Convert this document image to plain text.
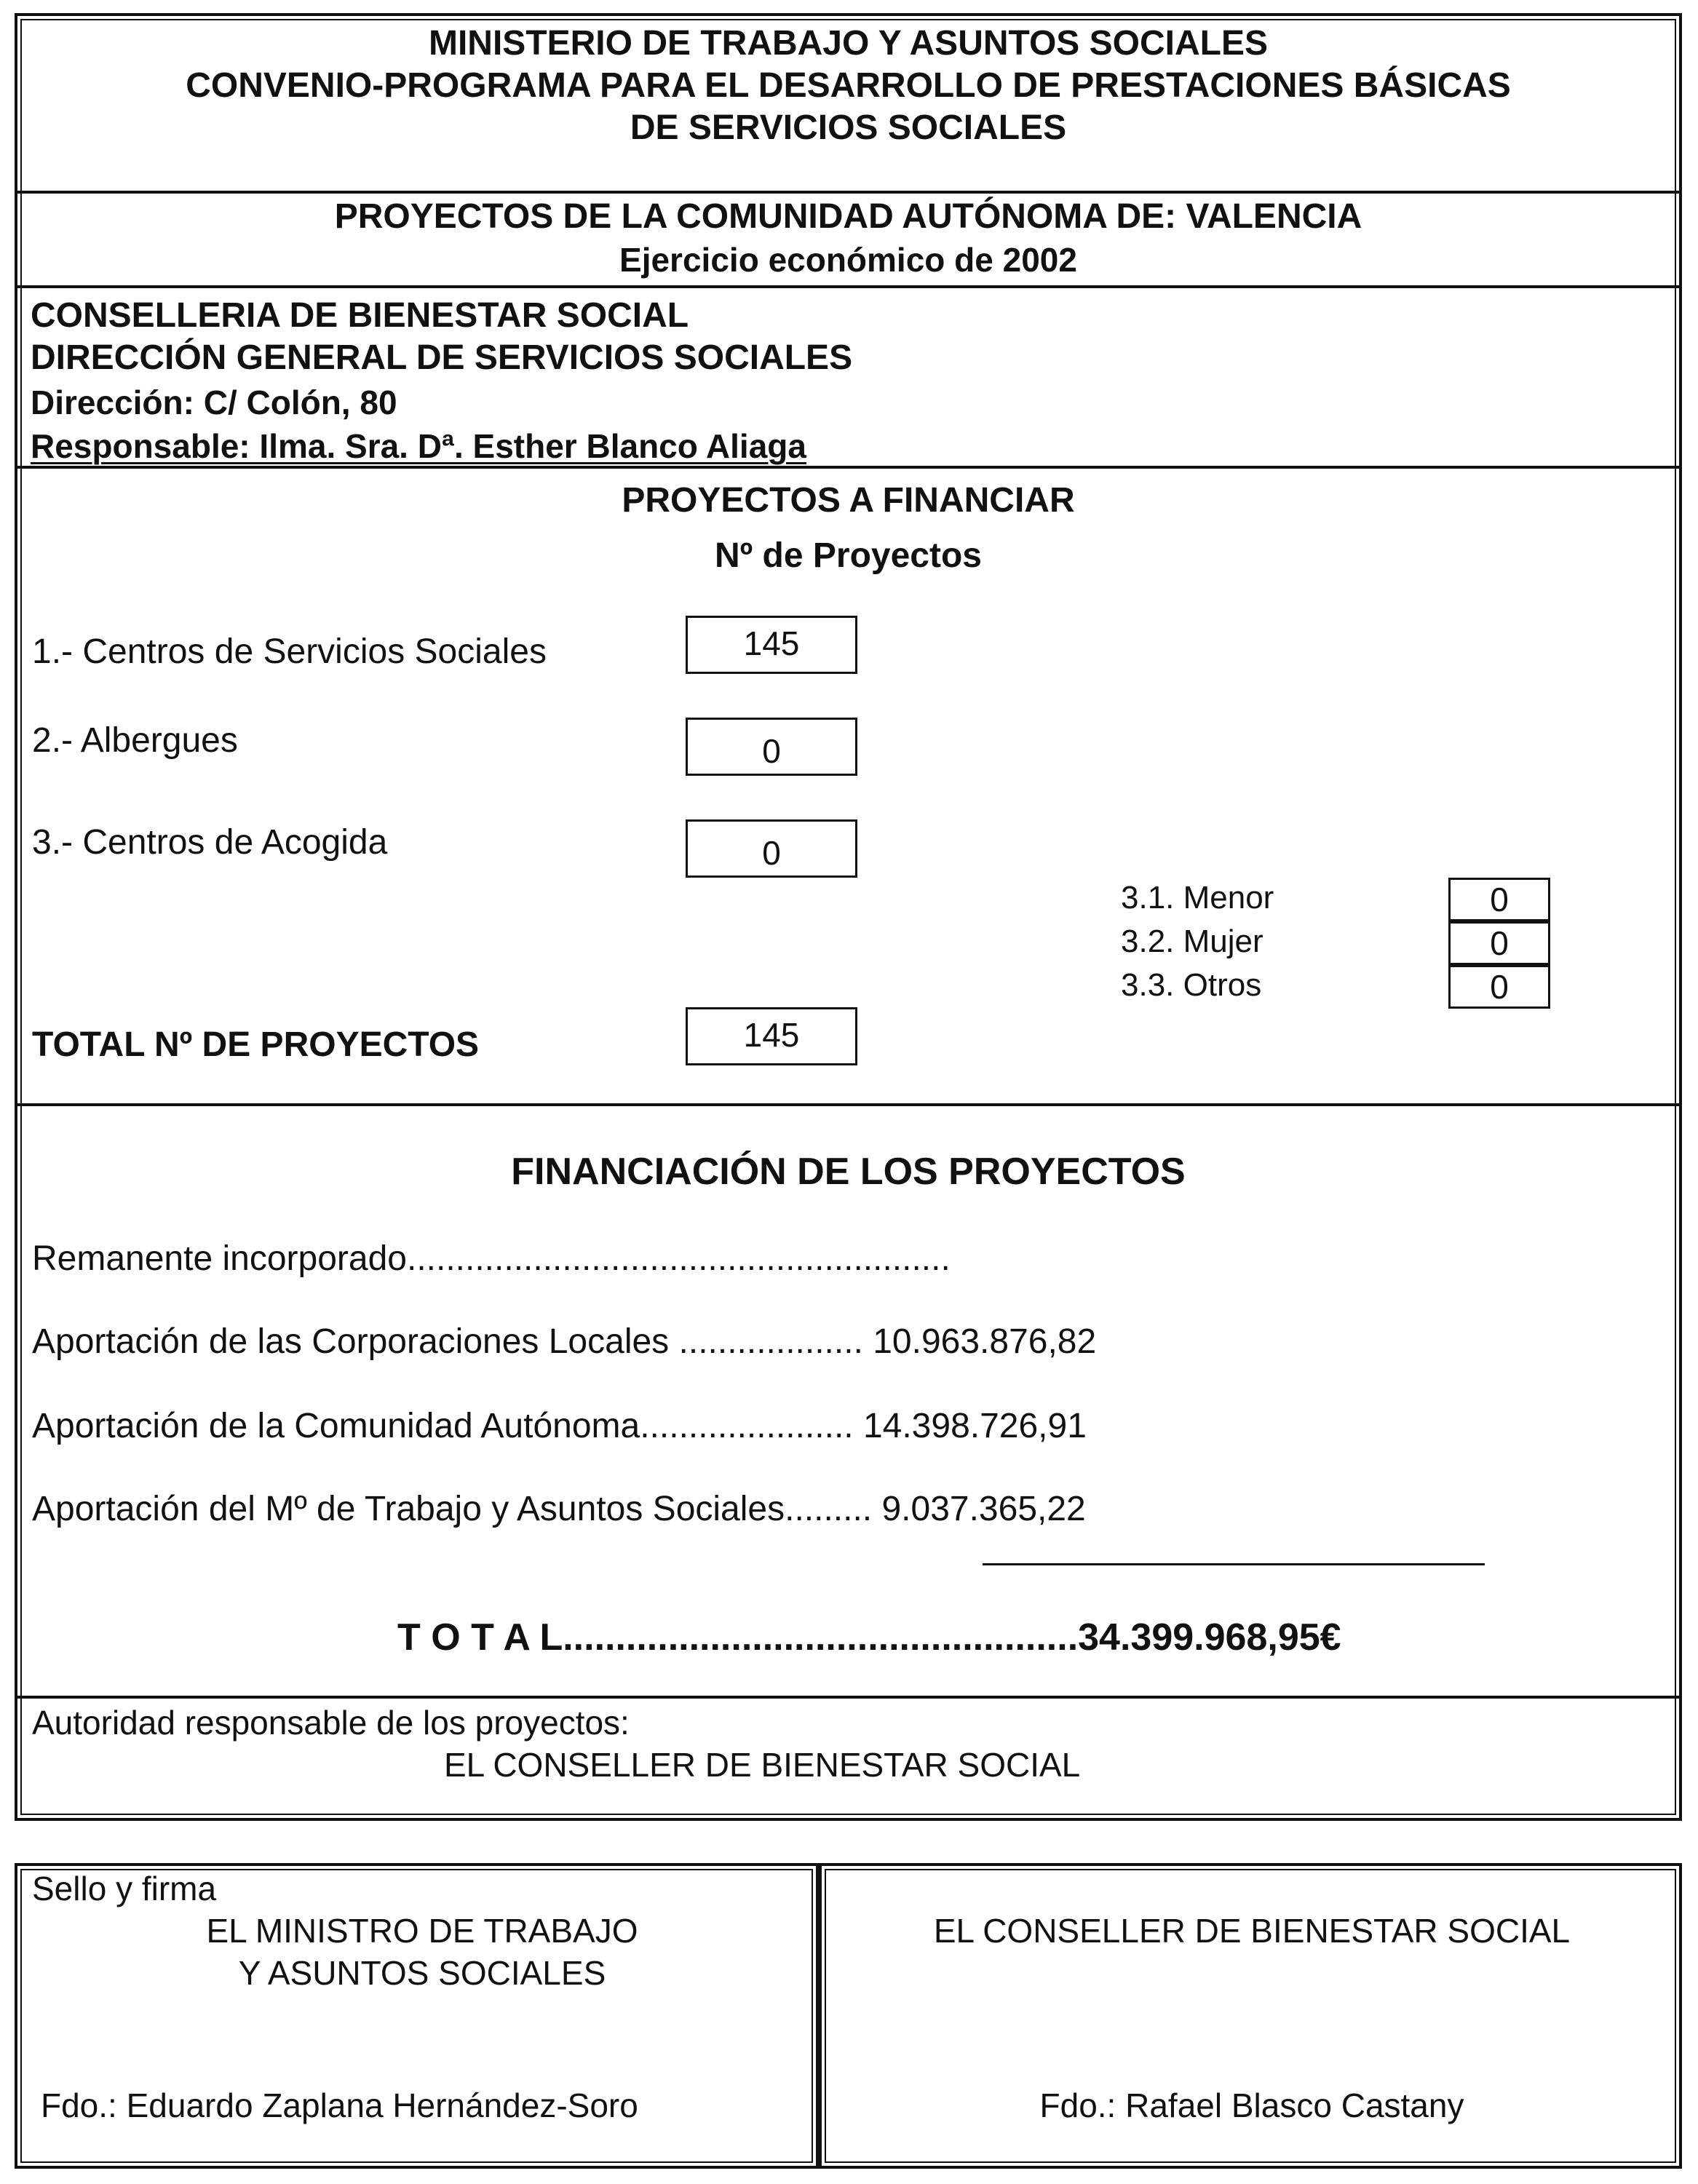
MINISTERIO DE TRABAJO Y ASUNTOS SOCIALES
CONVENIO-PROGRAMA PARA EL DESARROLLO DE PRESTACIONES BÁSICAS
DE SERVICIOS SOCIALES
PROYECTOS DE LA COMUNIDAD AUTÓNOMA DE: VALENCIA
Ejercicio económico de 2002
CONSELLERIA DE BIENESTAR SOCIAL
DIRECCIÓN GENERAL DE SERVICIOS SOCIALES
Dirección: C/ Colón, 80
Responsable: Ilma. Sra. Dª. Esther Blanco Aliaga
PROYECTOS A FINANCIAR
Nº de Proyectos
1.- Centros de Servicios Sociales	145
2.- Albergues	0
3.- Centros de Acogida	0
3.1. Menor	0
3.2. Mujer	0
3.3. Otros	0
TOTAL Nº DE PROYECTOS	145
FINANCIACIÓN DE LOS PROYECTOS
Remanente incorporado........................................................
Aportación de las Corporaciones Locales ................... 10.963.876,82
Aportación de la Comunidad Autónoma...................... 14.398.726,91
Aportación del Mº de Trabajo y Asuntos Sociales......... 9.037.365,22
T O T A L.................................................34.399.968,95€
Autoridad responsable de los proyectos:
EL CONSELLER DE BIENESTAR SOCIAL
Sello y firma
EL MINISTRO DE TRABAJO
Y ASUNTOS SOCIALES
Fdo.: Eduardo Zaplana Hernández-Soro
EL CONSELLER DE BIENESTAR SOCIAL
Fdo.: Rafael Blasco Castany
